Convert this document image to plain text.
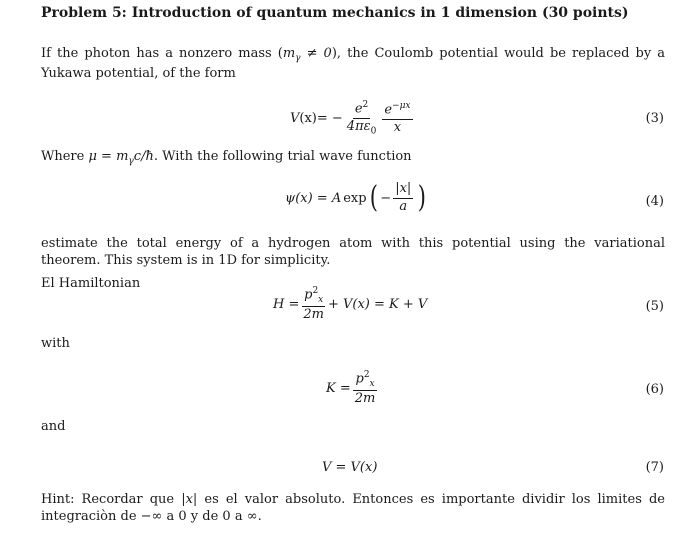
Problem 5: Introduction of quantum mechanics in 1 dimension (30 points)
If the photon has a nonzero mass $(m_\gamma \ne 0)$, the Coulomb potential would be replaced by a Yukawa potential, of the form
V (x) = − $\frac{e^2}{4\pi\varepsilon_0} \frac{e^{-\mu x}}{x}$	(3)
Where $\mu = m_\gamma c/ħ$. With the following trial wave function
ψ(x) = A exp ( − $\frac{|x|}{a}$ )	(4)
estimate the total energy of a hydrogen atom with this potential using the variational theorem. This system is in 1D for simplicity.
El Hamiltonian
$H = \frac{p^2_x}{2m} + V(x) = K + V$	(5)
with
$K = \frac{p^2_x}{2m}$	(6)
and
V = V(x)	(7)
Hint: Recordar que |x| es el valor absoluto. Entonces es importante dividir los limites de integraciòn de −∞ a 0 y de 0 a ∞.
